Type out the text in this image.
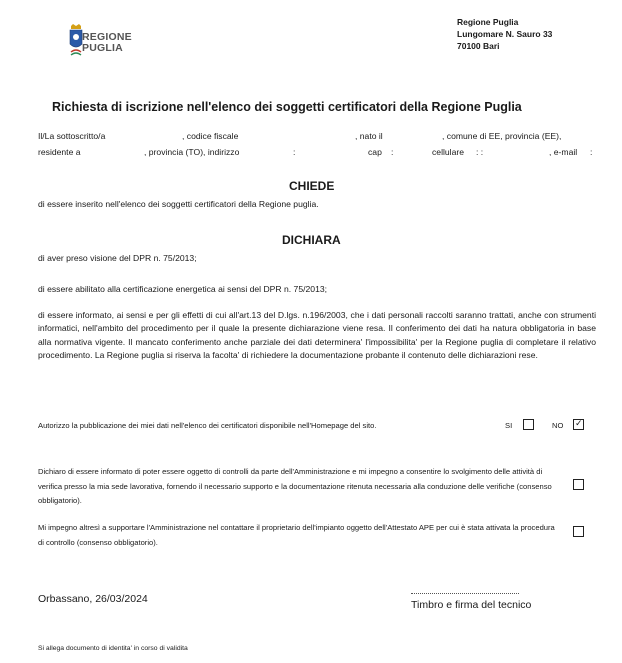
REGIONE
PUGLIA
Regione Puglia
Lungomare N. Sauro 33
70100 Bari
Richiesta di iscrizione nell'elenco dei soggetti certificatori della Regione Puglia
Il/La sottoscritto/a	, codice fiscale	, nato il	, comune di EE, provincia (EE),
residente a	, provincia (TO), indirizzo	:	cap :	cellulare : :	, e-mail :
CHIEDE
di essere inserito nell'elenco dei soggetti certificatori della Regione puglia.
DICHIARA
di aver preso visione del DPR n. 75/2013;
di essere abilitato alla certificazione energetica ai sensi del DPR n. 75/2013;
di essere informato, ai sensi e per gli effetti di cui all'art.13 del D.lgs. n.196/2003, che i dati personali raccolti saranno trattati, anche con strumenti informatici, nell'ambito del procedimento per il quale la presente dichiarazione viene resa. Il conferimento dei dati ha natura obbligatoria in base alla normativa vigente. Il mancato conferimento anche parziale dei dati determinera' l'impossibilita' per la Regione puglia di completare il relativo procedimento. La Regione puglia si riserva la facolta' di richiedere la documentazione probante il contenuto delle dichiarazioni rese.
Autorizzo la pubblicazione dei miei dati nell'elenco dei certificatori disponibile nell'Homepage del sito.	SI	NO
✓
Dichiaro di essere informato di poter essere oggetto di controlli da parte dell'Amministrazione e mi impegno a consentire lo svolgimento delle attività di verifica presso la mia sede lavorativa, fornendo il necessario supporto e la documentazione ritenuta necessaria alla conduzione delle verifiche (consenso obbligatorio).
Mi impegno altresì a supportare l'Amministrazione nel contattare il proprietario dell'impianto oggetto dell'Attestato APE per cui è stata attivata la procedura di controllo (consenso obbligatorio).
Orbassano, 26/03/2024	Timbro e firma del tecnico
Si allega documento di identita' in corso di validita
